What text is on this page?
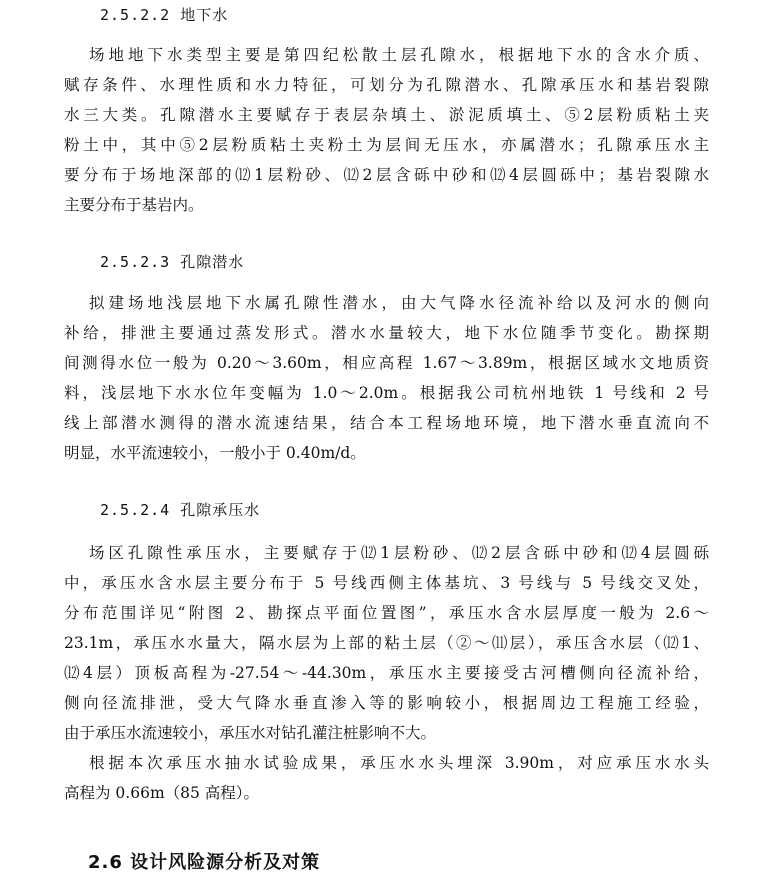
2.5.2.2 地下水
场地地下水类型主要是第四纪松散土层孔隙水，根据地下水的含水介质、
赋存条件、水理性质和水力特征，可划分为孔隙潜水、孔隙承压水和基岩裂隙
水三大类。孔隙潜水主要赋存于表层杂填土、淤泥质填土、⑤2层粉质粘土夹
粉土中，其中⑤2层粉质粘土夹粉土为层间无压水，亦属潜水；孔隙承压水主
要分布于场地深部的⑿1层粉砂、⑿2层含砾中砂和⑿4层圆砾中；基岩裂隙水
主要分布于基岩内。
2.5.2.3 孔隙潜水
拟建场地浅层地下水属孔隙性潜水，由大气降水径流补给以及河水的侧向
补给，排泄主要通过蒸发形式。潜水水量较大，地下水位随季节变化。勘探期
间测得水位一般为 0.20～3.60m，相应高程 1.67～3.89m，根据区域水文地质资
料，浅层地下水水位年变幅为 1.0～2.0m。根据我公司杭州地铁 1 号线和 2 号
线上部潜水测得的潜水流速结果，结合本工程场地环境，地下潜水垂直流向不
明显，水平流速较小，一般小于 0.40m/d。
2.5.2.4 孔隙承压水
场区孔隙性承压水，主要赋存于⑿1层粉砂、⑿2层含砾中砂和⑿4层圆砾
中，承压水含水层主要分布于 5 号线西侧主体基坑、3 号线与 5 号线交叉处，
分布范围详见“附图 2、勘探点平面位置图”，承压水含水层厚度一般为 2.6～
23.1m，承压水水量大，隔水层为上部的粘土层（②～⑾层），承压含水层（⑿1、
⑿4层）顶板高程为-27.54～-44.30m，承压水主要接受古河槽侧向径流补给，
侧向径流排泄，受大气降水垂直渗入等的影响较小，根据周边工程施工经验，
由于承压水流速较小，承压水对钻孔灌注桩影响不大。
根据本次承压水抽水试验成果，承压水水头埋深 3.90m，对应承压水水头
高程为 0.66m（85 高程）。
2.6 设计风险源分析及对策
